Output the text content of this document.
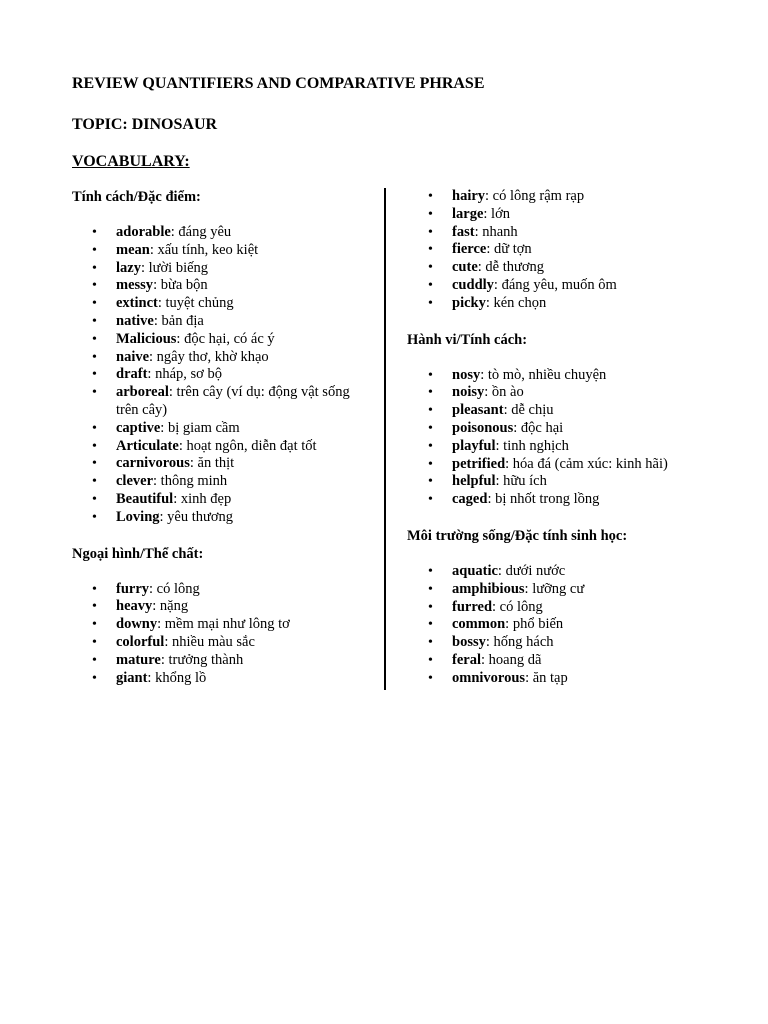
REVIEW QUANTIFIERS AND COMPARATIVE PHRASE
TOPIC: DINOSAUR
VOCABULARY:
Tính cách/Đặc điểm:
• adorable: đáng yêu
• mean: xấu tính, keo kiệt
• lazy: lười biếng
• messy: bừa bộn
• extinct: tuyệt chủng
• native: bản địa
• Malicious: độc hại, có ác ý
• naive: ngây thơ, khờ khạo
• draft: nháp, sơ bộ
• arboreal: trên cây (ví dụ: động vật sống trên cây)
• captive: bị giam cầm
• Articulate: hoạt ngôn, diễn đạt tốt
• carnivorous: ăn thịt
• clever: thông minh
• Beautiful: xinh đẹp
• Loving: yêu thương
Ngoại hình/Thể chất:
• furry: có lông
• heavy: nặng
• downy: mềm mại như lông tơ
• colorful: nhiều màu sắc
• mature: trưởng thành
• giant: khổng lồ
• hairy: có lông rậm rạp
• large: lớn
• fast: nhanh
• fierce: dữ tợn
• cute: dễ thương
• cuddly: đáng yêu, muốn ôm
• picky: kén chọn
Hành vi/Tính cách:
• nosy: tò mò, nhiều chuyện
• noisy: ồn ào
• pleasant: dễ chịu
• poisonous: độc hại
• playful: tinh nghịch
• petrified: hóa đá (cảm xúc: kinh hãi)
• helpful: hữu ích
• caged: bị nhốt trong lồng
Môi trường sống/Đặc tính sinh học:
• aquatic: dưới nước
• amphibious: lưỡng cư
• furred: có lông
• common: phổ biến
• bossy: hống hách
• feral: hoang dã
• omnivorous: ăn tạp
